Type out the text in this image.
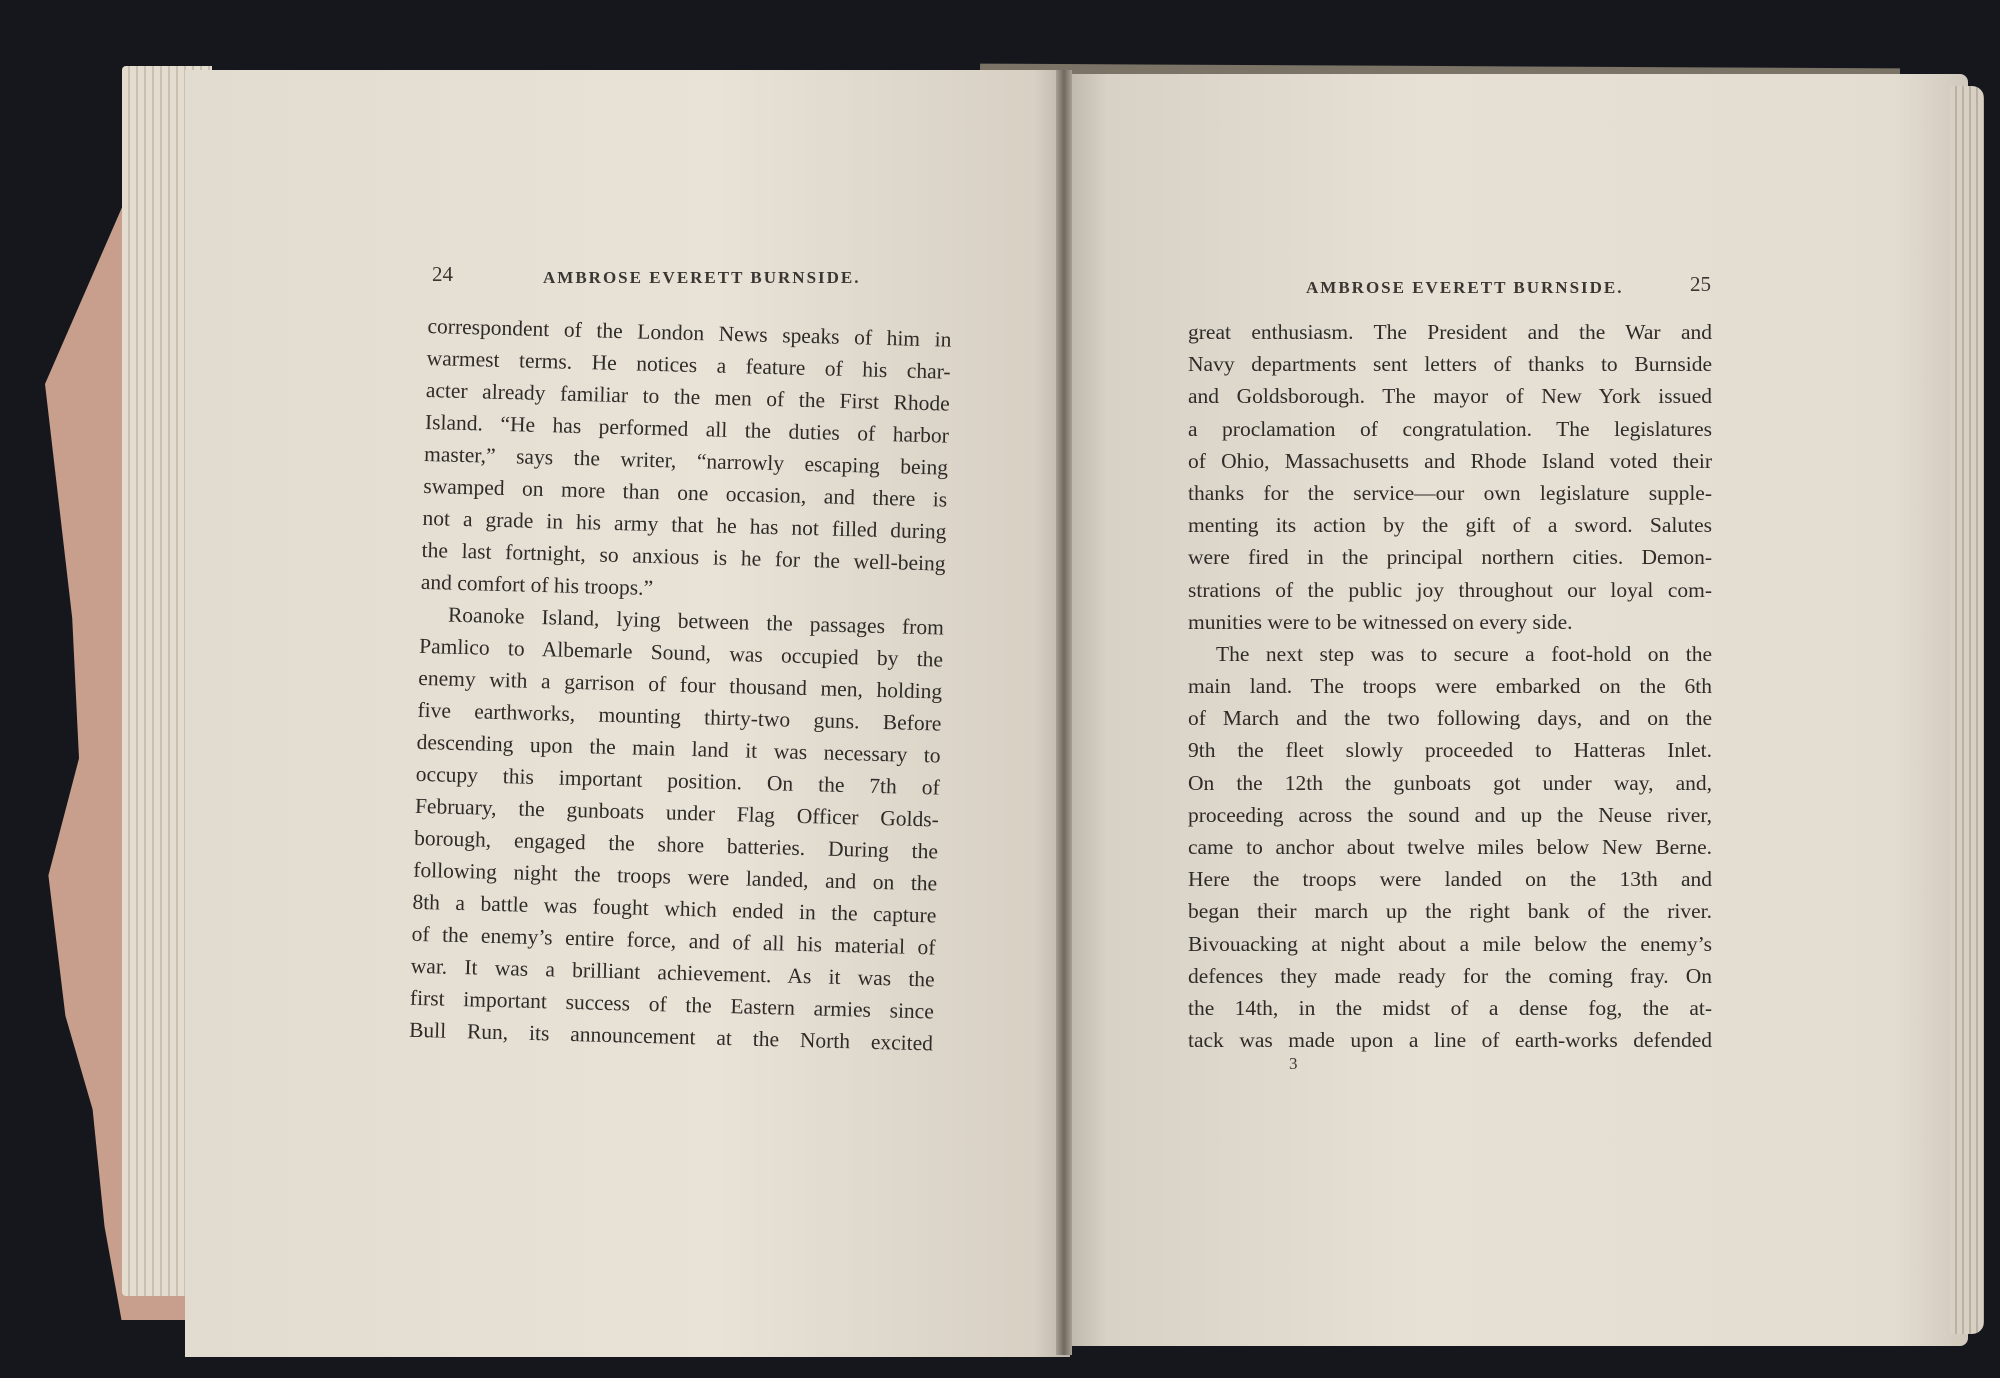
24	AMBROSE EVERETT BURNSIDE.
AMBROSE EVERETT BURNSIDE.	25
correspondent of the London News speaks of him in
warmest terms. He notices a feature of his char-
acter already familiar to the men of the First Rhode
Island. “He has performed all the duties of harbor
master,” says the writer, “narrowly escaping being
swamped on more than one occasion, and there is
not a grade in his army that he has not filled during
the last fortnight, so anxious is he for the well-being
and comfort of his troops.”
Roanoke Island, lying between the passages from
Pamlico to Albemarle Sound, was occupied by the
enemy with a garrison of four thousand men, holding
five earthworks, mounting thirty-two guns. Before
descending upon the main land it was necessary to
occupy this important position. On the 7th of
February, the gunboats under Flag Officer Golds-
borough, engaged the shore batteries. During the
following night the troops were landed, and on the
8th a battle was fought which ended in the capture
of the enemy’s entire force, and of all his material of
war. It was a brilliant achievement. As it was the
first important success of the Eastern armies since
Bull Run, its announcement at the North excited
great enthusiasm. The President and the War and
Navy departments sent letters of thanks to Burnside
and Goldsborough. The mayor of New York issued
a proclamation of congratulation. The legislatures
of Ohio, Massachusetts and Rhode Island voted their
thanks for the service—our own legislature supple-
menting its action by the gift of a sword. Salutes
were fired in the principal northern cities. Demon-
strations of the public joy throughout our loyal com-
munities were to be witnessed on every side.
The next step was to secure a foot-hold on the
main land. The troops were embarked on the 6th
of March and the two following days, and on the
9th the fleet slowly proceeded to Hatteras Inlet.
On the 12th the gunboats got under way, and,
proceeding across the sound and up the Neuse river,
came to anchor about twelve miles below New Berne.
Here the troops were landed on the 13th and
began their march up the right bank of the river.
Bivouacking at night about a mile below the enemy’s
defences they made ready for the coming fray. On
the 14th, in the midst of a dense fog, the at-
tack was made upon a line of earth-works defended
3
